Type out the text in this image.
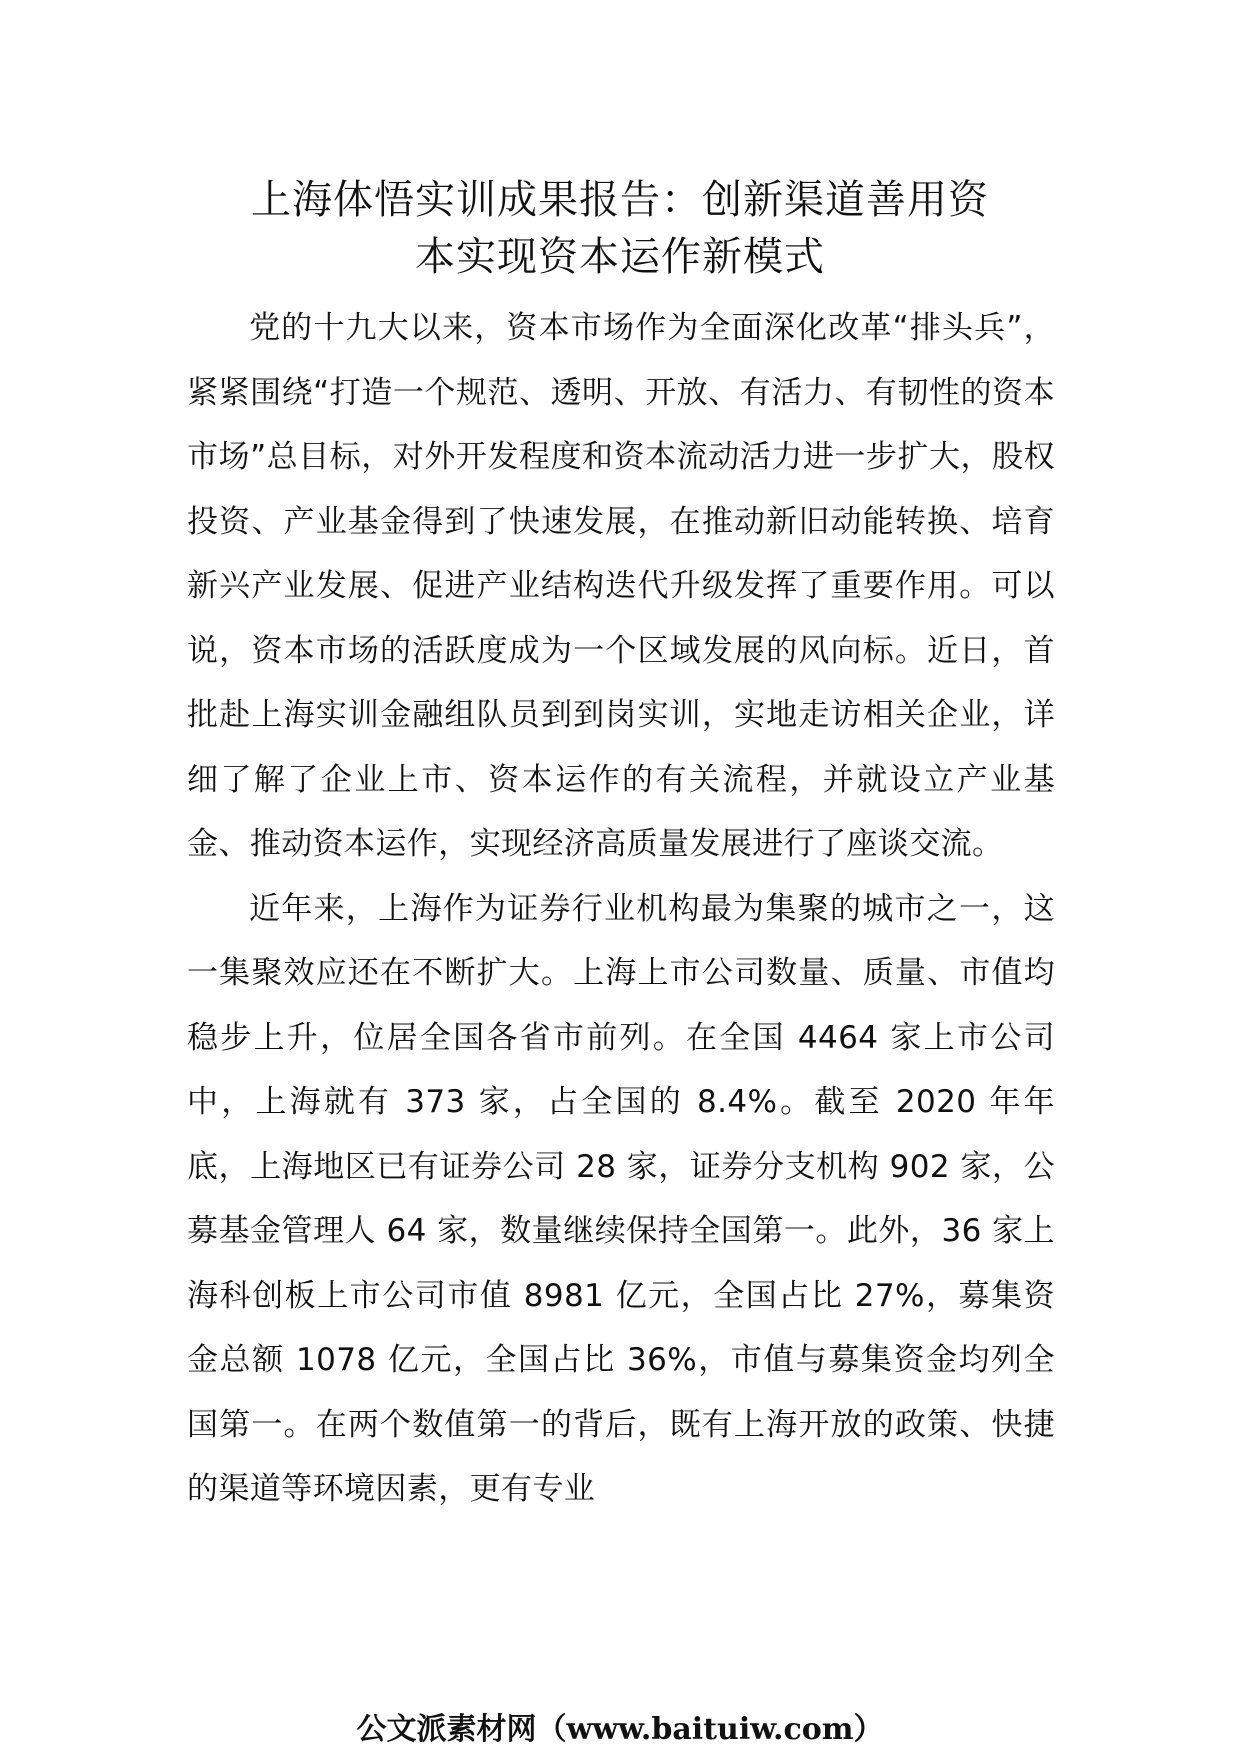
上海体悟实训成果报告：创新渠道善用资
本实现资本运作新模式

党的十九大以来，资本市场作为全面深化改革“排头兵”，紧紧围绕“打造一个规范、透明、开放、有活力、有韧性的资本市场”总目标，对外开发程度和资本流动活力进一步扩大，股权投资、产业基金得到了快速发展，在推动新旧动能转换、培育新兴产业发展、促进产业结构迭代升级发挥了重要作用。可以说，资本市场的活跃度成为一个区域发展的风向标。近日，首批赴上海实训金融组队员到到岗实训，实地走访相关企业，详细了解了企业上市、资本运作的有关流程，并就设立产业基金、推动资本运作，实现经济高质量发展进行了座谈交流。

近年来，上海作为证券行业机构最为集聚的城市之一，这一集聚效应还在不断扩大。上海上市公司数量、质量、市值均稳步上升，位居全国各省市前列。在全国 4464 家上市公司中，上海就有 373 家，占全国的 8.4%。截至 2020 年年底，上海地区已有证券公司 28 家，证券分支机构 902 家，公募基金管理人 64 家，数量继续保持全国第一。此外，36 家上海科创板上市公司市值 8981 亿元，全国占比 27%，募集资金总额 1078 亿元，全国占比 36%，市值与募集资金均列全国第一。在两个数值第一的背后，既有上海开放的政策、快捷的渠道等环境因素，更有专业

公文派素材网（www.baituiw.com）
